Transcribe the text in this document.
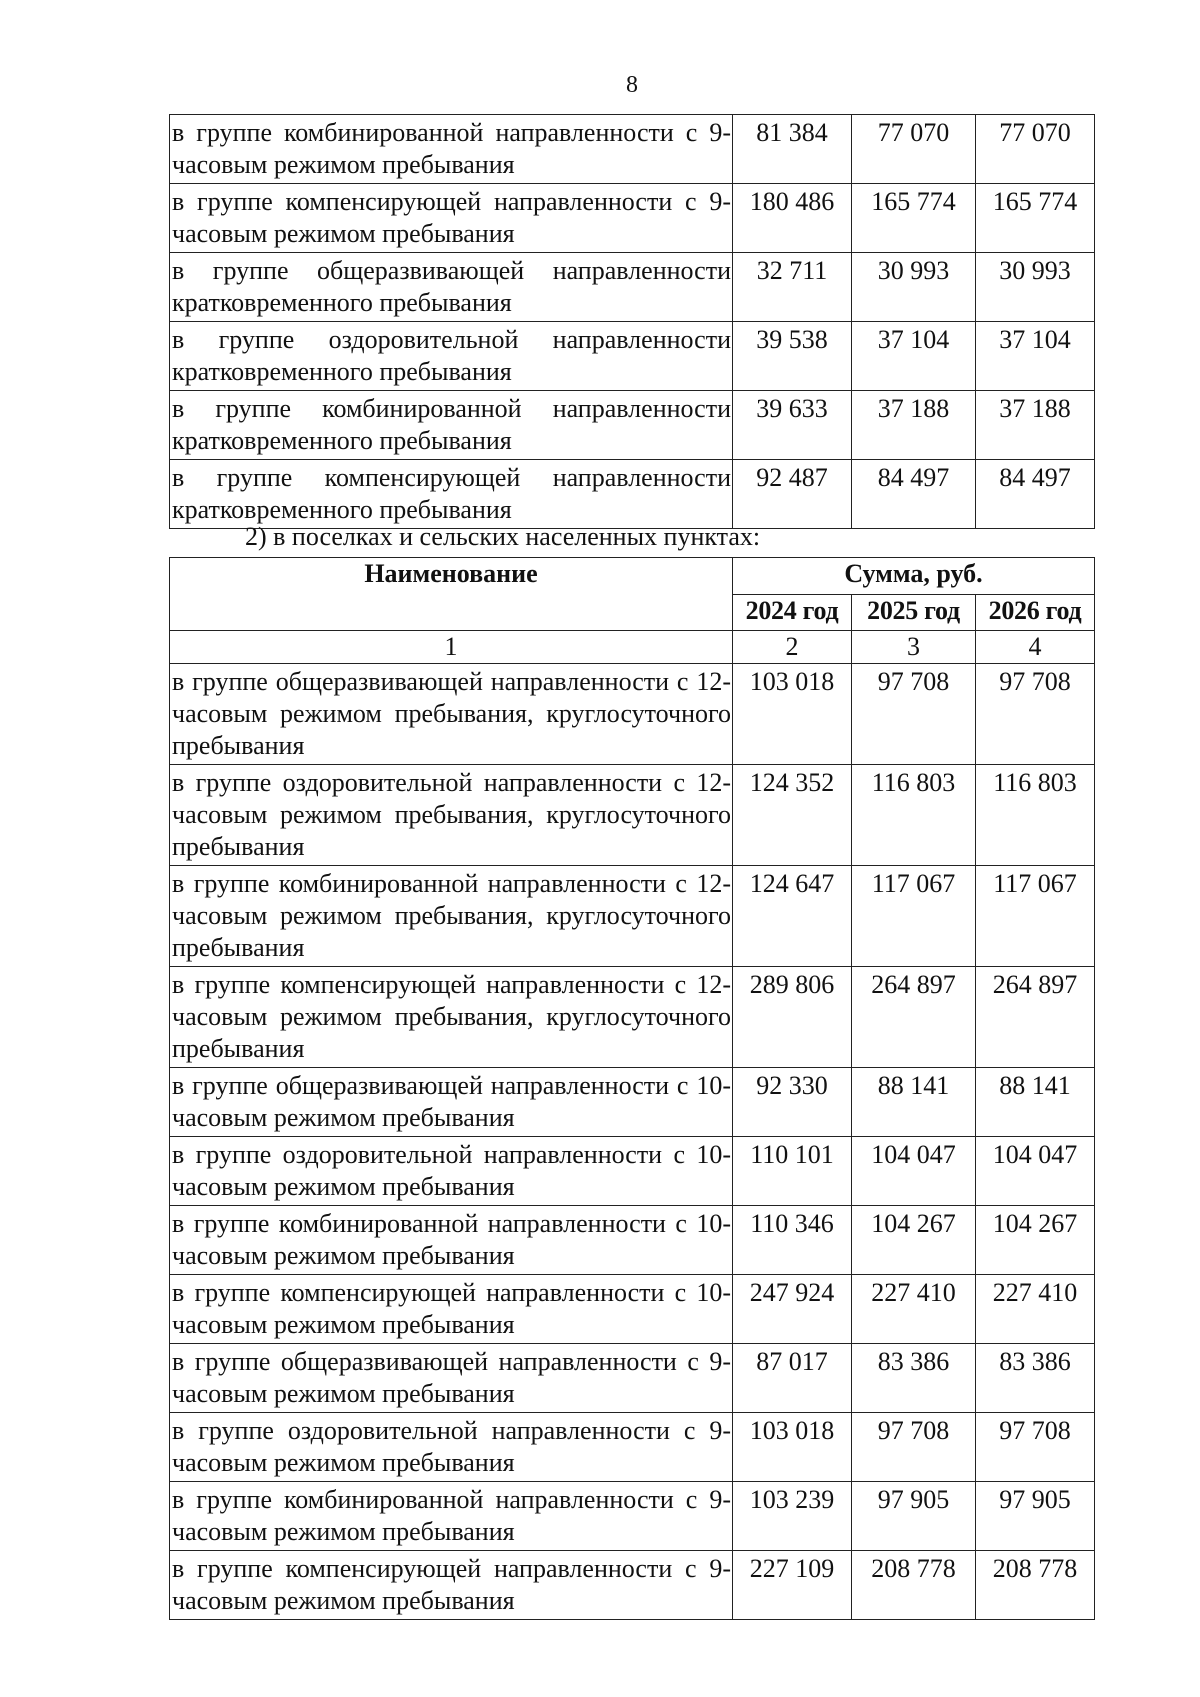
8
в группе комбинированной направленности с 9-часовым режимом пребывания	81 384	77 070	77 070
в группе компенсирующей направленности с 9-часовым режимом пребывания	180 486	165 774	165 774
в группе общеразвивающей направленности кратковременного пребывания	32 711	30 993	30 993
в группе оздоровительной направленности кратковременного пребывания	39 538	37 104	37 104
в группе комбинированной направленности кратковременного пребывания	39 633	37 188	37 188
в группе компенсирующей направленности кратковременного пребывания	92 487	84 497	84 497
2) в поселках и сельских населенных пунктах:
Наименование	Сумма, руб.		
	2024 год	2025 год	2026 год
1	2	3	4
в группе общеразвивающей направленности с 12-часовым режимом пребывания, круглосуточного пребывания	103 018	97 708	97 708
в группе оздоровительной направленности с 12-часовым режимом пребывания, круглосуточного пребывания	124 352	116 803	116 803
в группе комбинированной направленности с 12-часовым режимом пребывания, круглосуточного пребывания	124 647	117 067	117 067
в группе компенсирующей направленности с 12-часовым режимом пребывания, круглосуточного пребывания	289 806	264 897	264 897
в группе общеразвивающей направленности с 10-часовым режимом пребывания	92 330	88 141	88 141
в группе оздоровительной направленности с 10-часовым режимом пребывания	110 101	104 047	104 047
в группе комбинированной направленности с 10-часовым режимом пребывания	110 346	104 267	104 267
в группе компенсирующей направленности с 10-часовым режимом пребывания	247 924	227 410	227 410
в группе общеразвивающей направленности с 9-часовым режимом пребывания	87 017	83 386	83 386
в группе оздоровительной направленности с 9-часовым режимом пребывания	103 018	97 708	97 708
в группе комбинированной направленности с 9-часовым режимом пребывания	103 239	97 905	97 905
в группе компенсирующей направленности с 9-часовым режимом пребывания	227 109	208 778	208 778
